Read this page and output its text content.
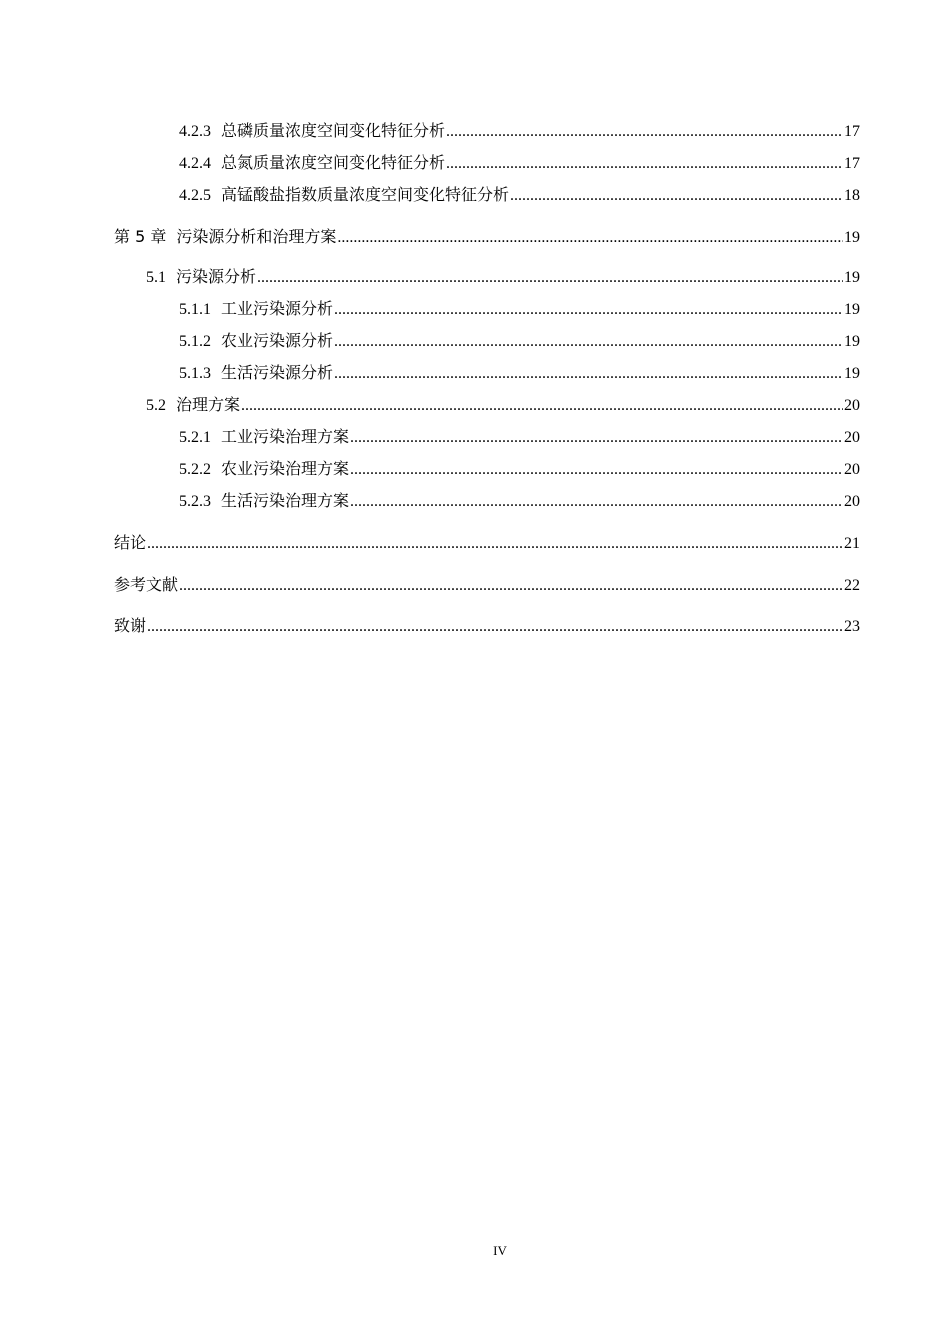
4.2.3 总磷质量浓度空间变化特征分析 .....	17
4.2.4 总氮质量浓度空间变化特征分析 .....	17
4.2.5 高锰酸盐指数质量浓度空间变化特征分析 .....	18
第 5 章 污染源分析和治理方案 .....	19
5.1 污染源分析 .....	19
5.1.1 工业污染源分析 .....	19
5.1.2 农业污染源分析 .....	19
5.1.3 生活污染源分析 .....	19
5.2 治理方案 .....	20
5.2.1 工业污染治理方案 .....	20
5.2.2 农业污染治理方案 .....	20
5.2.3 生活污染治理方案 .....	20
结论 .....	21
参考文献 .....	22
致谢 .....	23
IV
